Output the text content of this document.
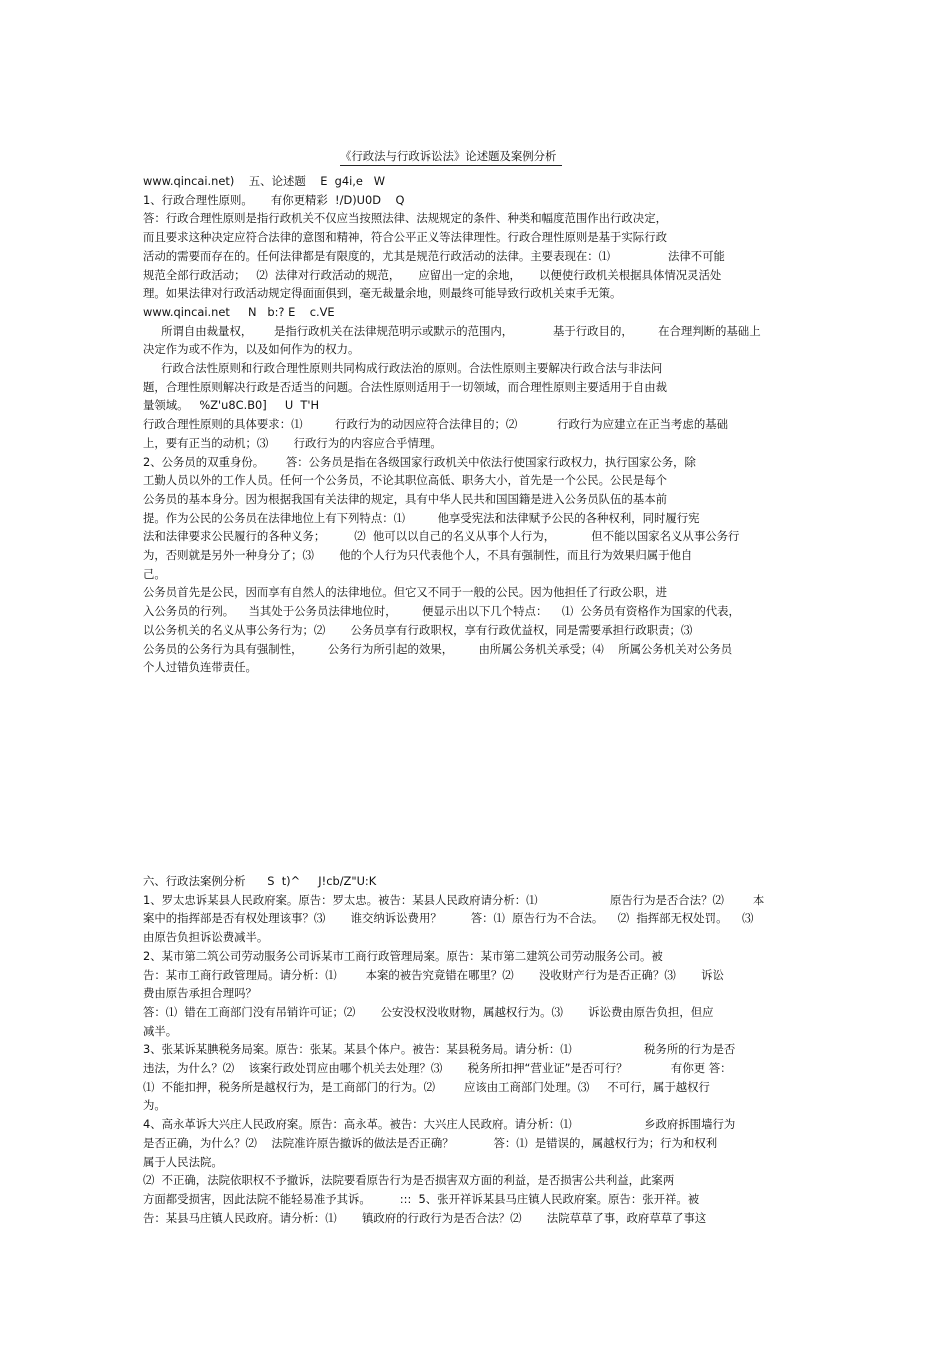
《行政法与行政诉讼法》论述题及案例分析

www.qincai.net)    五、论述题    E  g4i,e   W

1、行政合理性原则。     有你更精彩  !/D)U0D    Q

答：行政合理性原则是指行政机关不仅应当按照法律、法规规定的条件、种类和幅度范围作出行政决定，

而且要求这种决定应符合法律的意图和精神，符合公平正义等法律理性。行政合理性原则是基于实际行政

活动的需要而存在的。任何法律都是有限度的，尤其是规范行政活动的法律。主要表现在：⑴                法律不可能

规范全部行政活动；   ⑵  法律对行政活动的规范，     应留出一定的余地，     以便使行政机关根据具体情况灵活处

理。如果法律对行政活动规定得面面俱到，毫无裁量余地，则最终可能导致行政机关束手无策。

www.qincai.net     N   b:? E    c.VE

所谓自由裁量权，      是指行政机关在法律规范明示或默示的范围内，           基于行政目的，       在合理判断的基础上

决定作为或不作为，以及如何作为的权力。

行政合法性原则和行政合理性原则共同构成行政法治的原则。合法性原则主要解决行政合法与非法问

题，合理性原则解决行政是否适当的问题。合法性原则适用于一切领域，而合理性原则主要适用于自由裁

量领域。   %Z'u8C.B0]     U  T'H

行政合理性原则的具体要求：⑴         行政行为的动因应符合法律目的；⑵           行政行为应建立在正当考虑的基础

上，要有正当的动机；⑶       行政行为的内容应合乎情理。

2、公务员的双重身份。      答：公务员是指在各级国家行政机关中依法行使国家行政权力，执行国家公务，除

工勤人员以外的工作人员。任何一个公务员，不论其职位高低、职务大小，首先是一个公民。公民是每个

公务员的基本身分。因为根据我国有关法律的规定，具有中华人民共和国国籍是进入公务员队伍的基本前

提。作为公民的公务员在法律地位上有下列特点：⑴         他享受宪法和法律赋予公民的各种权利，同时履行宪

法和法律要求公民履行的各种义务；        ⑵  他可以以自己的名义从事个人行为，          但不能以国家名义从事公务行

为，否则就是另外一种身分了；⑶       他的个人行为只代表他个人，不具有强制性，而且行为效果归属于他自

己。

公务员首先是公民，因而享有自然人的法律地位。但它又不同于一般的公民。因为他担任了行政公职，进

入公务员的行列。    当其处于公务员法律地位时，       便显示出以下几个特点：    ⑴  公务员有资格作为国家的代表，

以公务机关的名义从事公务行为；⑵       公务员享有行政职权，享有行政优益权，同是需要承担行政职责；⑶

公务员的公务行为具有强制性，       公务行为所引起的效果，       由所属公务机关承受；⑷    所属公务机关对公务员

个人过错负连带责任。

六、行政法案例分析      S  t)^     J!cb/Z"U:K

1、罗太忠诉某县人民政府案。原告：罗太忠。被告：某县人民政府请分析：⑴                    原告行为是否合法？⑵        本

案中的指挥部是否有权处理该事？⑶       谁交纳诉讼费用？        答：⑴  原告行为不合法。    ⑵  指挥部无权处罚。    ⑶

由原告负担诉讼费减半。

2、某市第二筑公司劳动服务公司诉某市工商行政管理局案。原告：某市第二建筑公司劳动服务公司。被

告：某市工商行政管理局。请分析：⑴        本案的被告究竟错在哪里？⑵       没收财产行为是否正确？⑶       诉讼

费由原告承担合理吗？

答：⑴  错在工商部门没有吊销许可证；⑵       公安没权没收财物，属越权行为。⑶       诉讼费由原告负担，但应

减半。

3、张某诉某腆税务局案。原告：张某。某县个体户。被告：某县税务局。请分析：⑴                    税务所的行为是否

违法，为什么？⑵    该案行政处罚应由哪个机关去处理？⑶       税务所扣押“营业证”是否可行？            有你更 答：

⑴  不能扣押，税务所是越权行为，是工商部门的行为。⑵        应该由工商部门处理。⑶     不可行，属于越权行

为。

4、高永革诉大兴庄人民政府案。原告：高永革。被告：大兴庄人民政府。请分析：⑴                    乡政府拆围墙行为

是否正确，为什么？⑵    法院准许原告撤诉的做法是否正确？           答：⑴  是错误的，属越权行为；行为和权利

属于人民法院。

⑵  不正确，法院依职权不予撤诉，法院要看原告行为是否损害双方面的利益，是否损害公共利益，此案两

方面都受损害，因此法院不能轻易准予其诉。        :::  5、张开祥诉某县马庄镇人民政府案。原告：张开祥。被

告：某县马庄镇人民政府。请分析：⑴       镇政府的行政行为是否合法？⑵       法院草草了事，政府草草了事这
